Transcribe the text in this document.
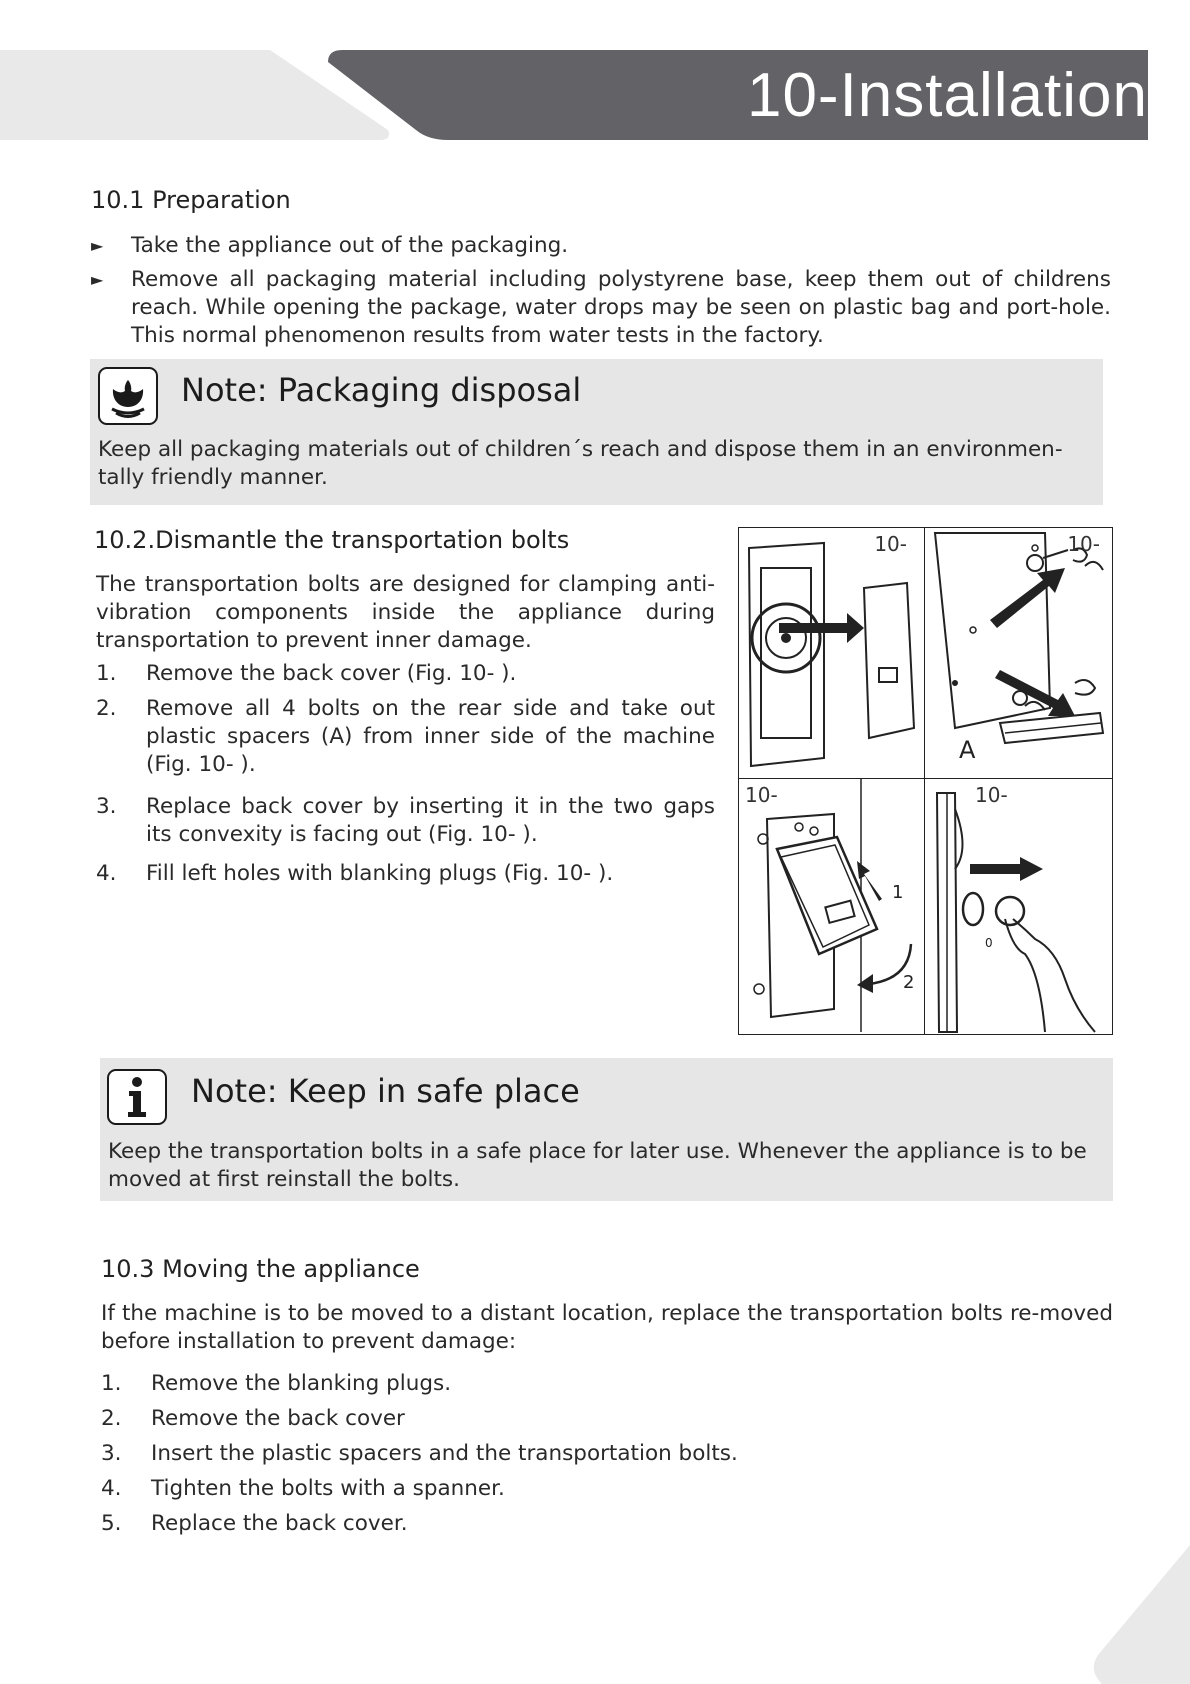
10-Installation
10.1 Preparation
►	Take the appliance out of the packaging.
►	Remove all packaging material including polystyrene base, keep them out of childrens reach. While opening the package, water drops may be seen on plastic bag and port-hole. This normal phenomenon results from water tests in the factory.
Note: Packaging disposal

Keep all packaging materials out of children´s reach and dispose them in an environmen-tally friendly manner.

10.2.Dismantle the transportation bolts

The transportation bolts are designed for clamping anti-vibration components inside the appliance during transportation to prevent inner damage.

1. Remove the back cover (Fig. 10- ).
2. Remove all 4 bolts on the rear side and take out plastic spacers (A) from inner side of the machine (Fig. 10- ).
3. Replace back cover by inserting it in the two gaps its convexity is facing out (Fig. 10- ).
4. Fill left holes with blanking plugs (Fig. 10- ).
10-	10-
A
10-
1
2
10-
0
Note: Keep in safe place

Keep the transportation bolts in a safe place for later use. Whenever the appliance is to be moved at first reinstall the bolts.

10.3 Moving the appliance

If the machine is to be moved to a distant location, replace the transportation bolts re-moved before installation to prevent damage:

1. Remove the blanking plugs.
2. Remove the back cover
3. Insert the plastic spacers and the transportation bolts.
4. Tighten the bolts with a spanner.
5. Replace the back cover.
